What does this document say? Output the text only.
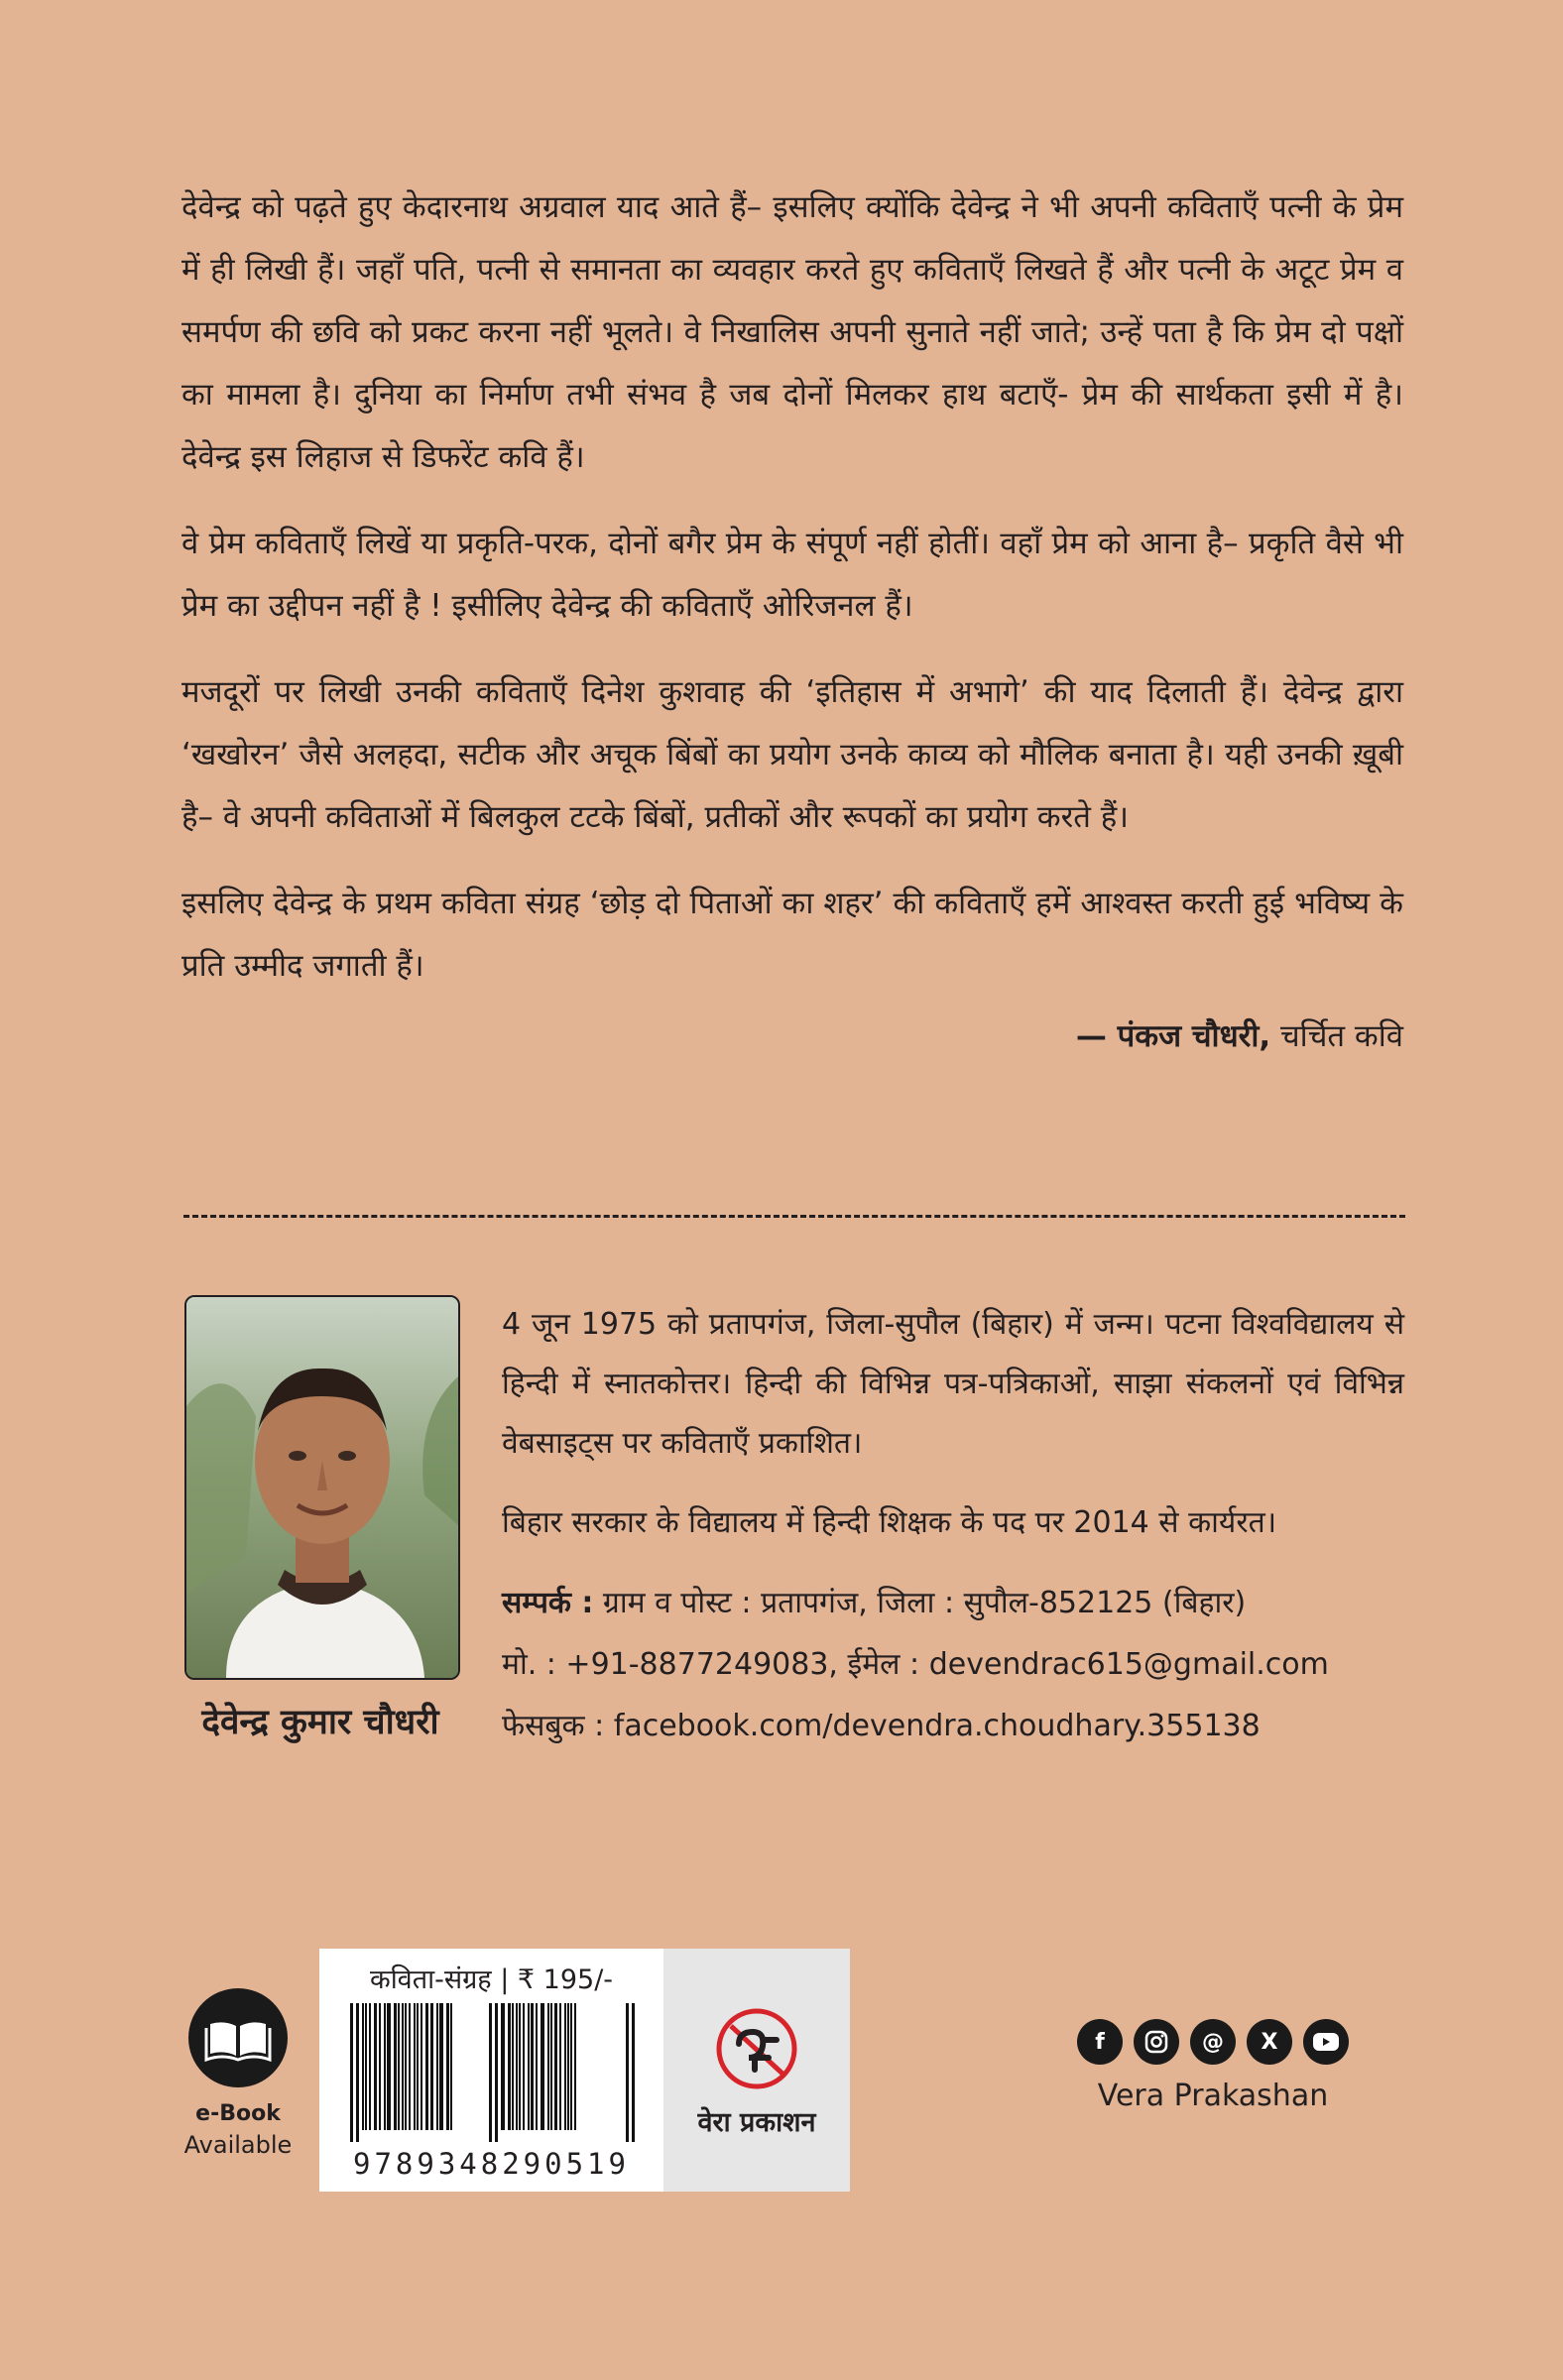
देवेन्द्र को पढ़ते हुए केदारनाथ अग्रवाल याद आते हैं– इसलिए क्योंकि देवेन्द्र ने भी अपनी कविताएँ पत्नी के प्रेम में ही लिखी हैं। जहाँ पति, पत्नी से समानता का व्यवहार करते हुए कविताएँ लिखते हैं और पत्नी के अटूट प्रेम व समर्पण की छवि को प्रकट करना नहीं भूलते। वे निखालिस अपनी सुनाते नहीं जाते; उन्हें पता है कि प्रेम दो पक्षों का मामला है। दुनिया का निर्माण तभी संभव है जब दोनों मिलकर हाथ बटाएँ- प्रेम की सार्थकता इसी में है। देवेन्द्र इस लिहाज से डिफरेंट कवि हैं।

वे प्रेम कविताएँ लिखें या प्रकृति-परक, दोनों बगैर प्रेम के संपूर्ण नहीं होतीं। वहाँ प्रेम को आना है– प्रकृति वैसे भी प्रेम का उद्दीपन नहीं है ! इसीलिए देवेन्द्र की कविताएँ ओरिजनल हैं।

मजदूरों पर लिखी उनकी कविताएँ दिनेश कुशवाह की ‘इतिहास में अभागे’ की याद दिलाती हैं। देवेन्द्र द्वारा ‘खखोरन’ जैसे अलहदा, सटीक और अचूक बिंबों का प्रयोग उनके काव्य को मौलिक बनाता है। यही उनकी ख़ूबी है– वे अपनी कविताओं में बिलकुल टटके बिंबों, प्रतीकों और रूपकों का प्रयोग करते हैं।

इसलिए देवेन्द्र के प्रथम कविता संग्रह ‘छोड़ दो पिताओं का शहर’ की कविताएँ हमें आश्वस्त करती हुई भविष्य के प्रति उम्मीद जगाती हैं।

— पंकज चौधरी, चर्चित कवि
देवेन्द्र कुमार चौधरी

4 जून 1975 को प्रतापगंज, जिला-सुपौल (बिहार) में जन्म। पटना विश्वविद्यालय से हिन्दी में स्नातकोत्तर। हिन्दी की विभिन्न पत्र-पत्रिकाओं, साझा संकलनों एवं विभिन्न वेबसाइट्स पर कविताएँ प्रकाशित।

बिहार सरकार के विद्यालय में हिन्दी शिक्षक के पद पर 2014 से कार्यरत।

सम्पर्क : ग्राम व पोस्ट : प्रतापगंज, जिला : सुपौल-852125 (बिहार)
मो. : +91-8877249083, ईमेल : devendrac615@gmail.com
फेसबुक : facebook.com/devendra.choudhary.355138
e-Book
Available
कविता-संग्रह | ₹ 195/-
9789348290519
वेरा प्रकाशन
f	@	X
Vera Prakashan
